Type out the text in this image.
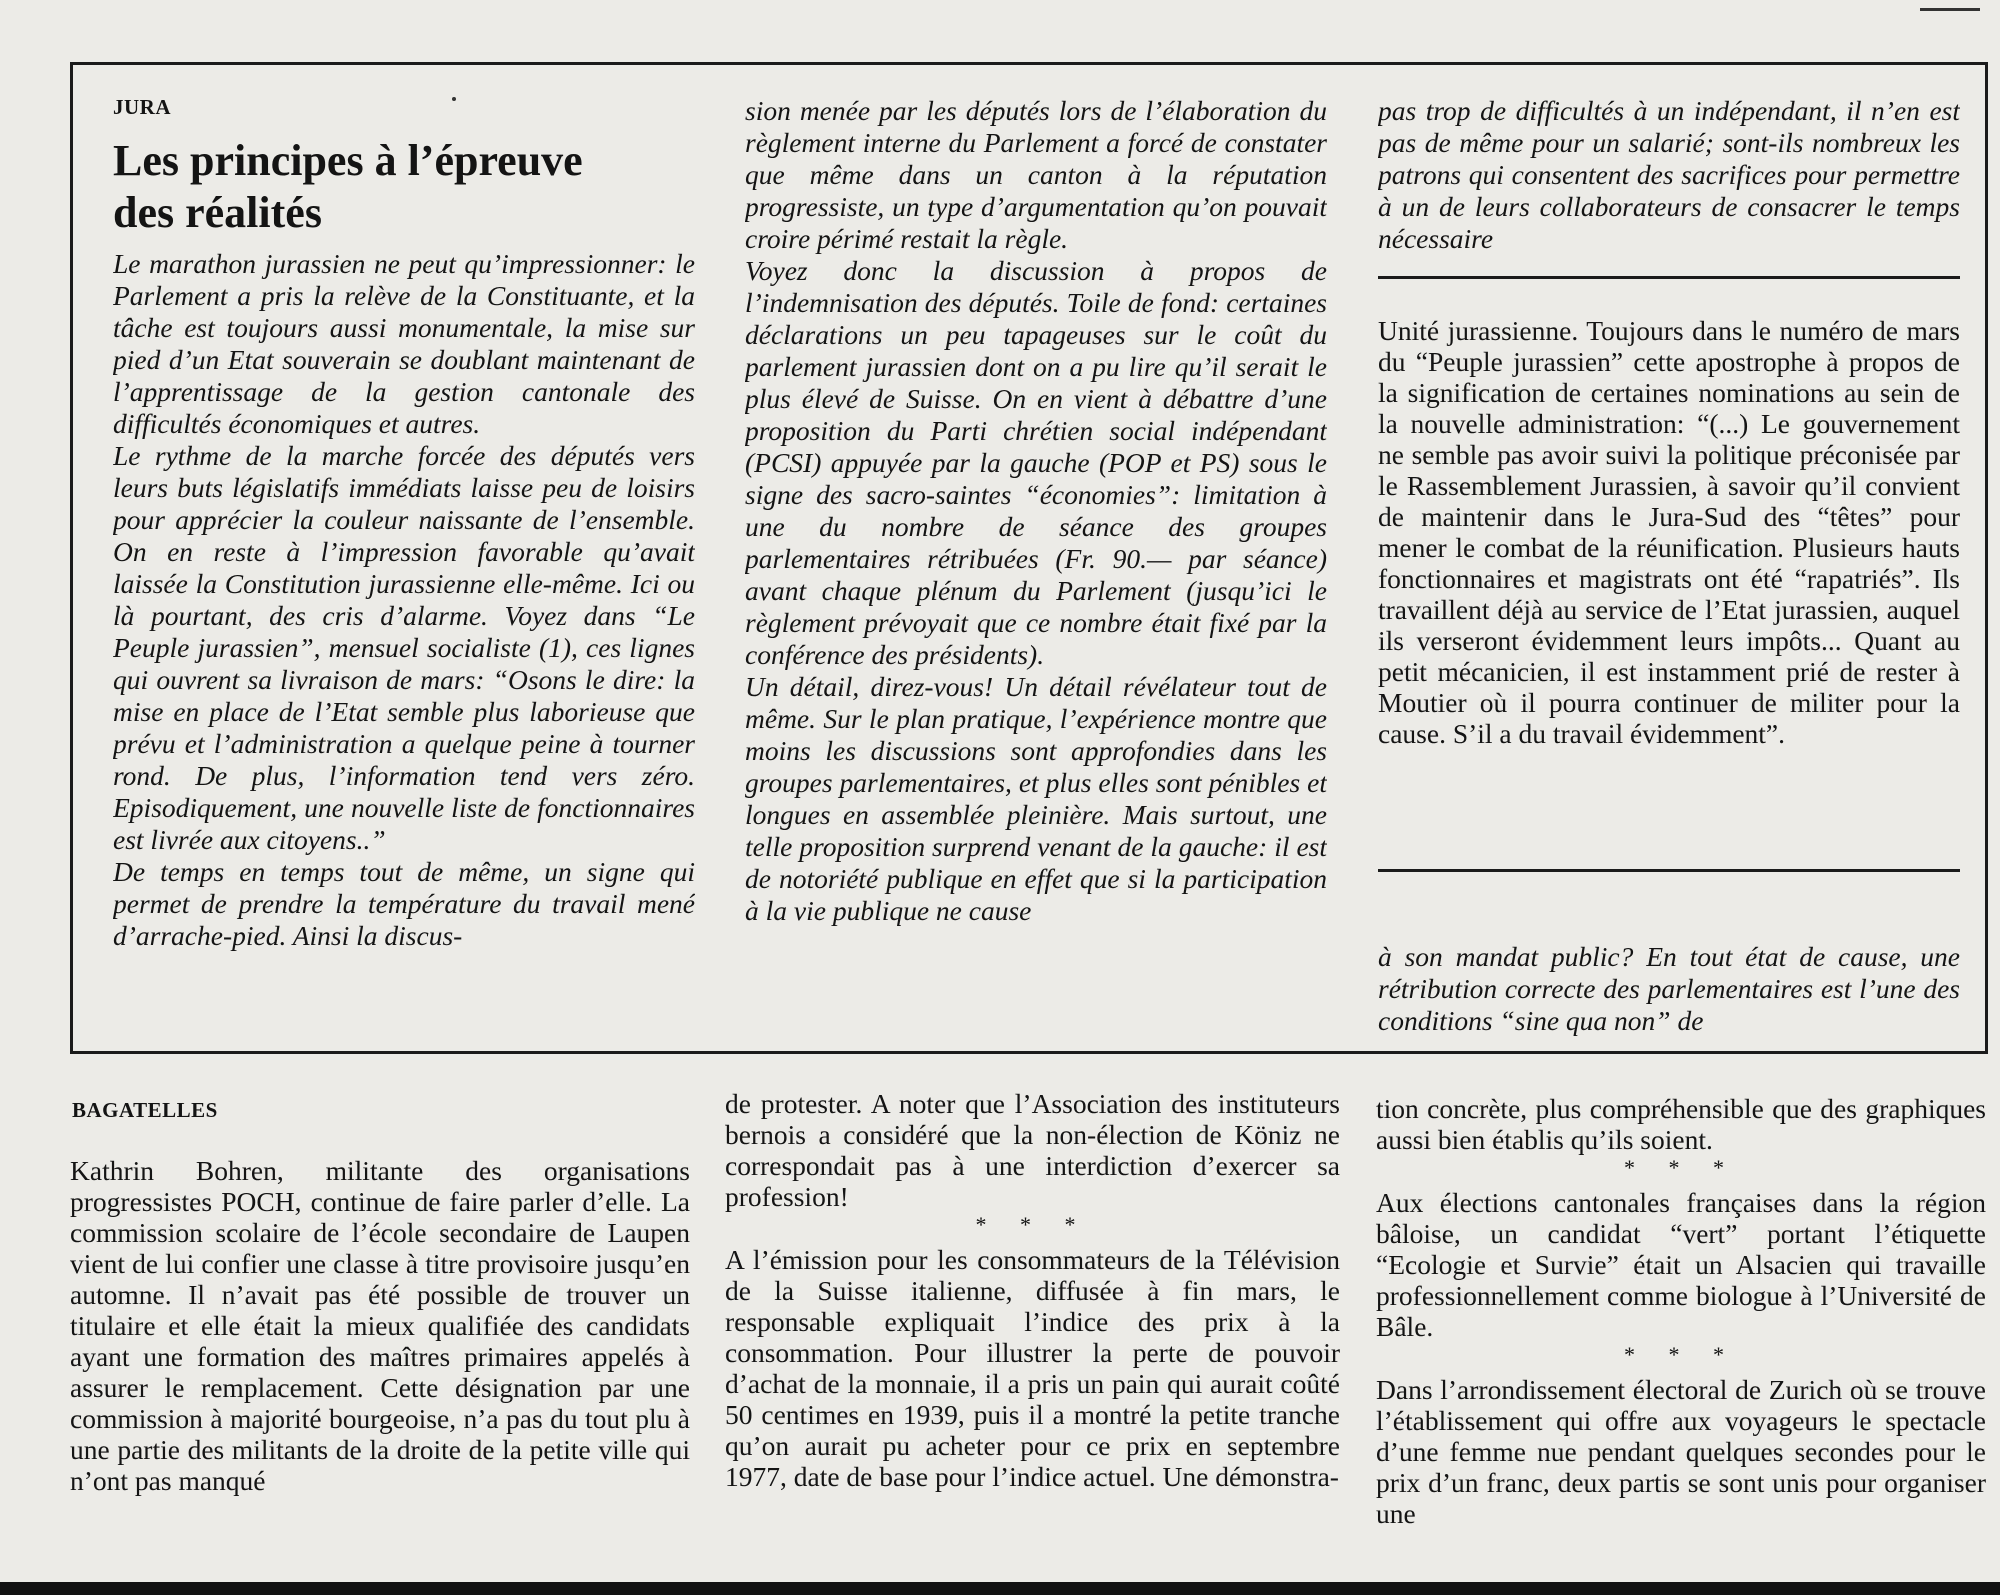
JURA
Les principes à l’épreuve
des réalités

Le marathon jurassien ne peut qu’impressionner: le Parlement a pris la relève de la Constituante, et la tâche est toujours aussi monumentale, la mise sur pied d’un Etat souverain se doublant maintenant de l’apprentissage de la gestion cantonale des difficultés économiques et autres.

Le rythme de la marche forcée des députés vers leurs buts législatifs immédiats laisse peu de loisirs pour apprécier la couleur naissante de l’ensemble. On en reste à l’impression favorable qu’avait laissée la Constitution jurassienne elle-même. Ici ou là pourtant, des cris d’alarme. Voyez dans “Le Peuple jurassien”, mensuel socialiste (1), ces lignes qui ouvrent sa livraison de mars: “Osons le dire: la mise en place de l’Etat semble plus laborieuse que prévu et l’administration a quelque peine à tourner rond. De plus, l’information tend vers zéro. Episodiquement, une nouvelle liste de fonctionnaires est livrée aux citoyens..”

De temps en temps tout de même, un signe qui permet de prendre la température du travail mené d’arrache-pied. Ainsi la discus-

sion menée par les députés lors de l’élaboration du règlement interne du Parlement a forcé de constater que même dans un canton à la réputation progressiste, un type d’argumentation qu’on pouvait croire périmé restait la règle.

Voyez donc la discussion à propos de l’indemnisation des députés. Toile de fond: certaines déclarations un peu tapageuses sur le coût du parlement jurassien dont on a pu lire qu’il serait le plus élevé de Suisse. On en vient à débattre d’une proposition du Parti chrétien social indépendant (PCSI) appuyée par la gauche (POP et PS) sous le signe des sacro-saintes “économies”: limitation à une du nombre de séance des groupes parlementaires rétribuées (Fr. 90.— par séance) avant chaque plénum du Parlement (jusqu’ici le règlement prévoyait que ce nombre était fixé par la conférence des présidents).

Un détail, direz-vous! Un détail révélateur tout de même. Sur le plan pratique, l’expérience montre que moins les discussions sont approfondies dans les groupes parlementaires, et plus elles sont pénibles et longues en assemblée pleinière. Mais surtout, une telle proposition surprend venant de la gauche: il est de notoriété publique en effet que si la participation à la vie publique ne cause

pas trop de difficultés à un indépendant, il n’en est pas de même pour un salarié; sont-ils nombreux les patrons qui consentent des sacrifices pour permettre à un de leurs collaborateurs de consacrer le temps nécessaire

Unité jurassienne. Toujours dans le numéro de mars du “Peuple jurassien” cette apostrophe à propos de la signification de certaines nominations au sein de la nouvelle administration: “(...) Le gouvernement ne semble pas avoir suivi la politique préconisée par le Rassemblement Jurassien, à savoir qu’il convient de maintenir dans le Jura-Sud des “têtes” pour mener le combat de la réunification. Plusieurs hauts fonctionnaires et magistrats ont été “rapatriés”. Ils travaillent déjà au service de l’Etat jurassien, auquel ils verseront évidemment leurs impôts... Quant au petit mécanicien, il est instamment prié de rester à Moutier où il pourra continuer de militer pour la cause. S’il a du travail évidemment”.

à son mandat public? En tout état de cause, une rétribution correcte des parlementaires est l’une des conditions “sine qua non” de

BAGATELLES

Kathrin Bohren, militante des organisations progressistes POCH, continue de faire parler d’elle. La commission scolaire de l’école secondaire de Laupen vient de lui confier une classe à titre provisoire jusqu’en automne. Il n’avait pas été possible de trouver un titulaire et elle était la mieux qualifiée des candidats ayant une formation des maîtres primaires appelés à assurer le remplacement. Cette désignation par une commission à majorité bourgeoise, n’a pas du tout plu à une partie des militants de la droite de la petite ville qui n’ont pas manqué

de protester. A noter que l’Association des instituteurs bernois a considéré que la non-élection de Köniz ne correspondait pas à une interdiction d’exercer sa profession!

* * *

A l’émission pour les consommateurs de la Télévision de la Suisse italienne, diffusée à fin mars, le responsable expliquait l’indice des prix à la consommation. Pour illustrer la perte de pouvoir d’achat de la monnaie, il a pris un pain qui aurait coûté 50 centimes en 1939, puis il a montré la petite tranche qu’on aurait pu acheter pour ce prix en septembre 1977, date de base pour l’indice actuel. Une démonstra-

tion concrète, plus compréhensible que des graphiques aussi bien établis qu’ils soient.

* * *

Aux élections cantonales françaises dans la région bâloise, un candidat “vert” portant l’étiquette “Ecologie et Survie” était un Alsacien qui travaille professionnellement comme biologue à l’Université de Bâle.

* * *

Dans l’arrondissement électoral de Zurich où se trouve l’établissement qui offre aux voyageurs le spectacle d’une femme nue pendant quelques secondes pour le prix d’un franc, deux partis se sont unis pour organiser une
